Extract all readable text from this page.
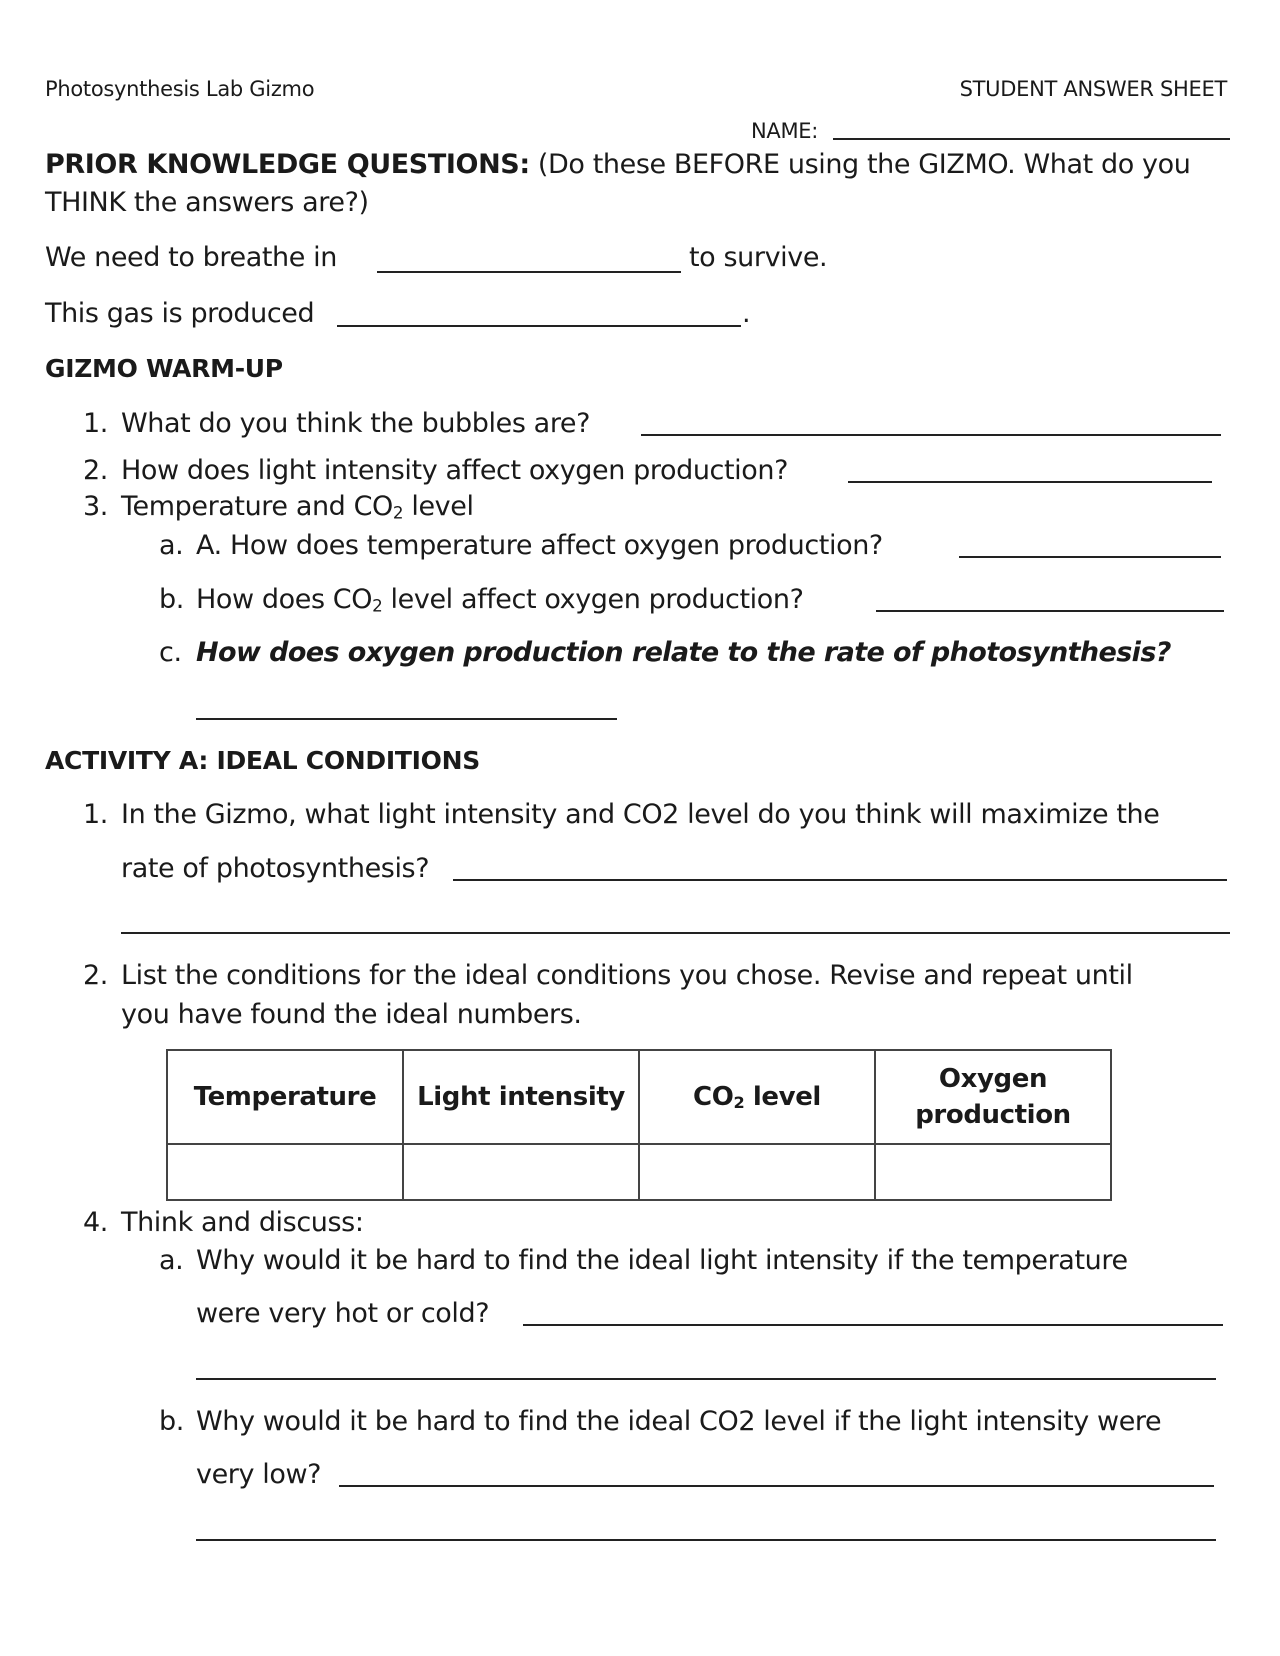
Photosynthesis Lab Gizmo	STUDENT ANSWER SHEET
NAME:
PRIOR KNOWLEDGE QUESTIONS: (Do these BEFORE using the GIZMO. What do you
THINK the answers are?)
We need to breathe in	to survive.
This gas is produced	.
GIZMO WARM-UP
1. What do you think the bubbles are?
2. How does light intensity affect oxygen production?
3. Temperature and $CO_2$ level
a. A. How does temperature affect oxygen production?
b. How does $CO_2$ level affect oxygen production?
c. How does oxygen production relate to the rate of photosynthesis?
ACTIVITY A: IDEAL CONDITIONS
1. In the Gizmo, what light intensity and CO2 level do you think will maximize the
rate of photosynthesis?
2. List the conditions for the ideal conditions you chose. Revise and repeat until
you have found the ideal numbers.
Temperature	Light intensity	$CO_2$ level	Oxygen
production

4. Think and discuss:
a. Why would it be hard to find the ideal light intensity if the temperature
were very hot or cold?
b. Why would it be hard to find the ideal CO2 level if the light intensity were
very low?
